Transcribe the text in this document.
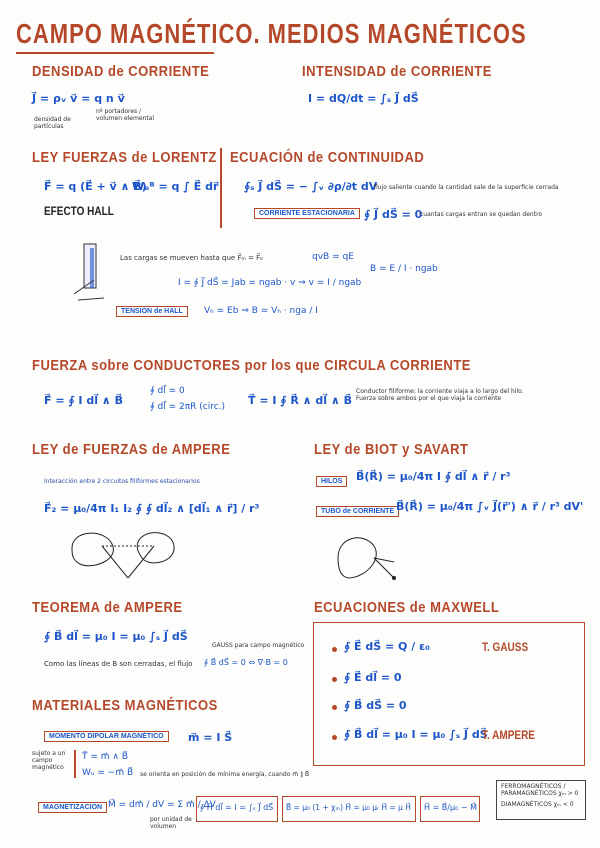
CAMPO MAGNÉTICO. MEDIOS MAGNÉTICOS
DENSIDAD de CORRIENTE
J⃗ = ρᵥ v⃗ = q n v⃗
densidad de partículas
nº portadores / volumen elemental
INTENSIDAD de CORRIENTE
I = dQ/dt = ∫ₛ J⃗ dS⃗
LEY FUERZAS de LORENTZ
F⃗ = q (E⃗ + v⃗ ∧ B⃗)
Wₑᴮ = q ∫ E⃗ dr⃗
EFECTO HALL
ECUACIÓN de CONTINUIDAD
∮ₛ J⃗ dS⃗ = − ∫ᵥ ∂ρ/∂t dV
flujo saliente cuando la cantidad sale de la superficie cerrada
CORRIENTE ESTACIONARIA ∮ J⃗ dS⃗ = 0
cuantas cargas entran se quedan dentro
Las cargas se mueven hasta que F⃗ₘ = F⃗ₑ	qvB = qE
I = ∮ J⃗ dS⃗ = Jab = ngab · v ⇒ v = I / ngab
B = E / I · ngab
TENSIÓN de HALL	Vₕ = Eb ⇒ B = Vₕ · nga / I
FUERZA sobre CONDUCTORES por los que CIRCULA CORRIENTE
F⃗ = ∮ I dl⃗ ∧ B⃗
∮ dl⃗ = 0
∮ dl⃗ = 2πR (circ.) T⃗ = I ∮ R⃗ ∧ dl⃗ ∧ B⃗
Conductor filiforme: la corriente viaja a lo largo del hilo. Fuerza sobre ambos por el que viaja la corriente
LEY de FUERZAS de AMPERE
Interacción entre 2 circuitos filiformes estacionarios
F⃗₂ = μ₀/4π I₁ I₂ ∮ ∮ dl⃗₂ ∧ [dl⃗₁ ∧ r⃗] / r³
LEY de BIOT y SAVART
HILOS	B⃗(R⃗) = μ₀/4π I ∮ dl⃗ ∧ r⃗ / r³
TUBO de CORRIENTE B⃗(R⃗) = μ₀/4π ∫ᵥ J⃗(r⃗') ∧ r⃗ / r³ dV'
TEOREMA de AMPERE
∮ B⃗ dl⃗ = μ₀ I = μ₀ ∫ₛ J⃗ dS⃗
GAUSS para campo magnético
Como las líneas de B son cerradas, el flujo ∮ B⃗ dS⃗ = 0 ⇔ ∇·B = 0
ECUACIONES de MAXWELL
∮ E⃗ dS⃗ = Q / ε₀	T. GAUSS
∮ E⃗ dl⃗ = 0
∮ B⃗ dS⃗ = 0
∮ B⃗ dl⃗ = μ₀ I = μ₀ ∫ₛ J⃗ dS⃗
T. AMPERE
MATERIALES MAGNÉTICOS
MOMENTO DIPOLAR MAGNÉTICO	m⃗ = I S⃗
sujeto a un campo magnético
T⃗ = m⃗ ∧ B⃗
Wᵤ = −m⃗ B⃗ se orienta en posición de mínima energía, cuando m⃗ ∥ B⃗
MAGNETIZACIÓN M⃗ = dm⃗ / dV = Σ m⃗ / ΔV
por unidad de volumen
∮ H⃗ dl⃗ = I = ∫ₛ J⃗ dS⃗ B⃗ = μ₀ (1 + χₘ) H⃗ = μ₀ μᵣ H⃗ = μ H⃗ H⃗ = B⃗/μ₀ − M⃗
FERROMAGNÉTICOS / PARAMAGNÉTICOS χₘ > 0
DIAMAGNÉTICOS χₘ < 0
